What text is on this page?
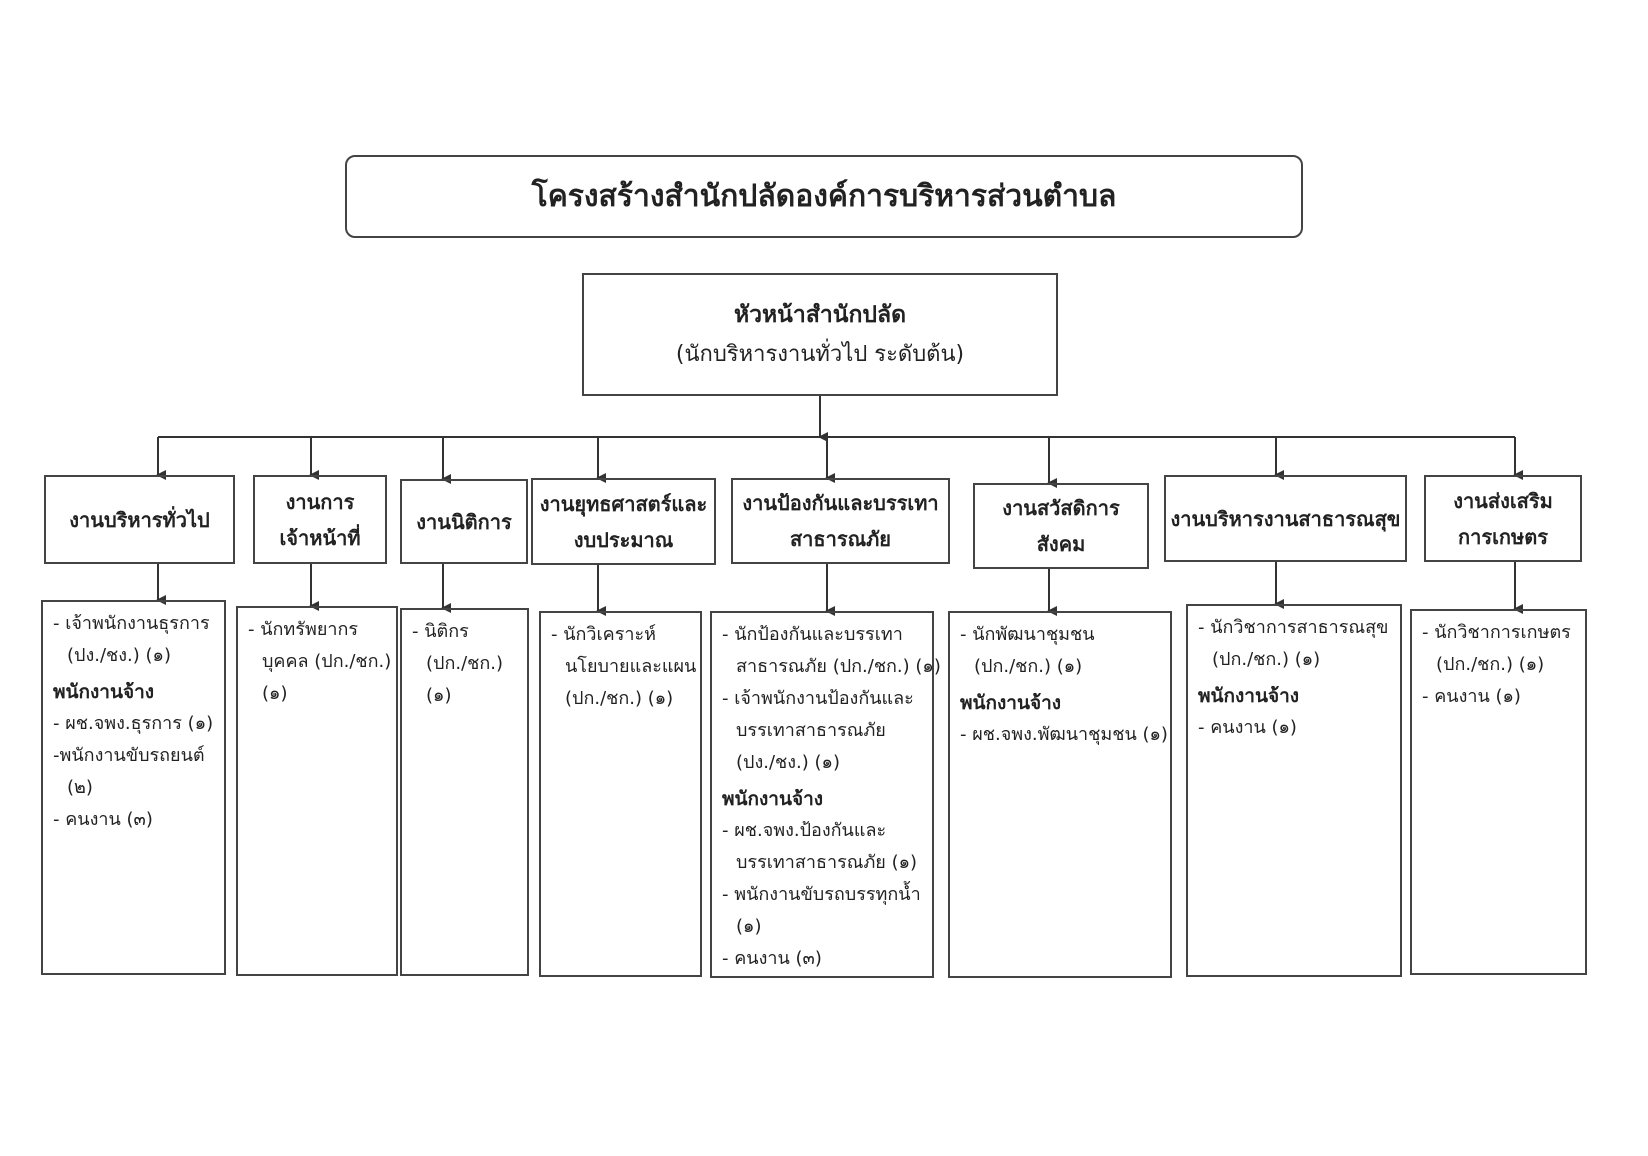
โครงสร้างสำนักปลัดองค์การบริหารส่วนตำบล
หัวหน้าสำนักปลัด
(นักบริหารงานทั่วไป ระดับต้น)
งานบริหารทั่วไป
- เจ้าพนักงานธุรการ
(ปง./ชง.) (๑)
พนักงานจ้าง
- ผช.จพง.ธุรการ (๑)
-พนักงานขับรถยนต์
(๒)
- คนงาน (๓)
งานการ
เจ้าหน้าที่
- นักทรัพยากร
บุคคล (ปก./ชก.)
(๑)
งานนิติการ
- นิติกร
(ปก./ชก.)
(๑)
งานยุทธศาสตร์และ
งบประมาณ
- นักวิเคราะห์
นโยบายและแผน
(ปก./ชก.) (๑)
งานป้องกันและบรรเทา
สาธารณภัย
- นักป้องกันและบรรเทา
สาธารณภัย (ปก./ชก.) (๑)
- เจ้าพนักงานป้องกันและ
บรรเทาสาธารณภัย
(ปง./ชง.) (๑)
พนักงานจ้าง
- ผช.จพง.ป้องกันและ
บรรเทาสาธารณภัย (๑)
- พนักงานขับรถบรรทุกน้ำ
(๑)
- คนงาน (๓)
งานสวัสดิการ
สังคม
- นักพัฒนาชุมชน
(ปก./ชก.) (๑)
พนักงานจ้าง
- ผช.จพง.พัฒนาชุมชน (๑)
งานบริหารงานสาธารณสุข
- นักวิชาการสาธารณสุข
(ปก./ชก.) (๑)
พนักงานจ้าง
- คนงาน (๑)
งานส่งเสริม
การเกษตร
- นักวิชาการเกษตร
(ปก./ชก.) (๑)
- คนงาน (๑)
